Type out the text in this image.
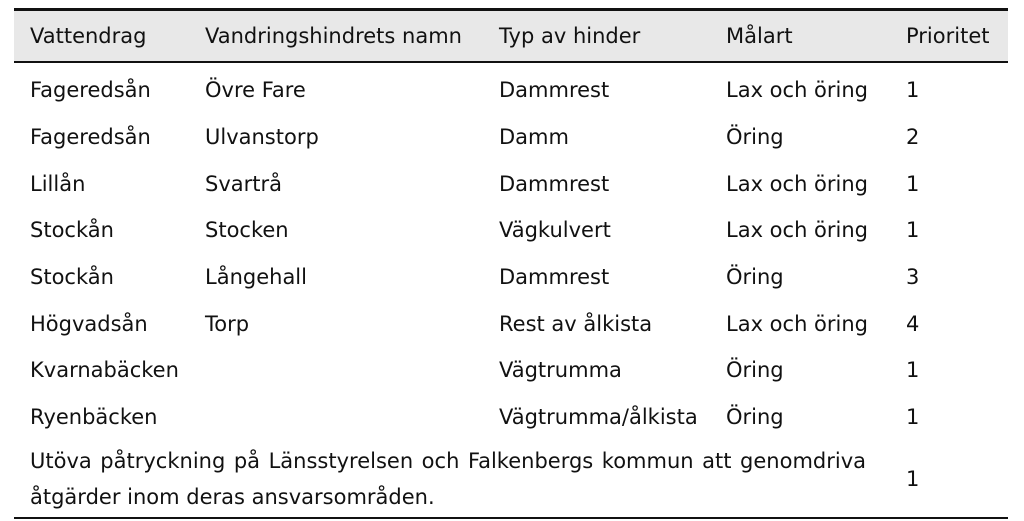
Vattendrag	Vandringshindrets namn	Typ av hinder	Målart	Prioritet
Fageredsån	Övre Fare	Dammrest	Lax och öring	1
Fageredsån	Ulvanstorp	Damm	Öring	2
Lillån	Svartrå	Dammrest	Lax och öring	1
Stockån	Stocken	Vägkulvert	Lax och öring	1
Stockån	Långehall	Dammrest	Öring	3
Högvadsån	Torp	Rest av ålkista	Lax och öring	4
Kvarnabäcken		Vägtrumma	Öring	1
Ryenbäcken		Vägtrumma/ålkista	Öring	1
Utöva påtryckning på Länsstyrelsen och Falkenbergs kommun att genomdriva åtgärder inom deras ansvarsområden.				1
